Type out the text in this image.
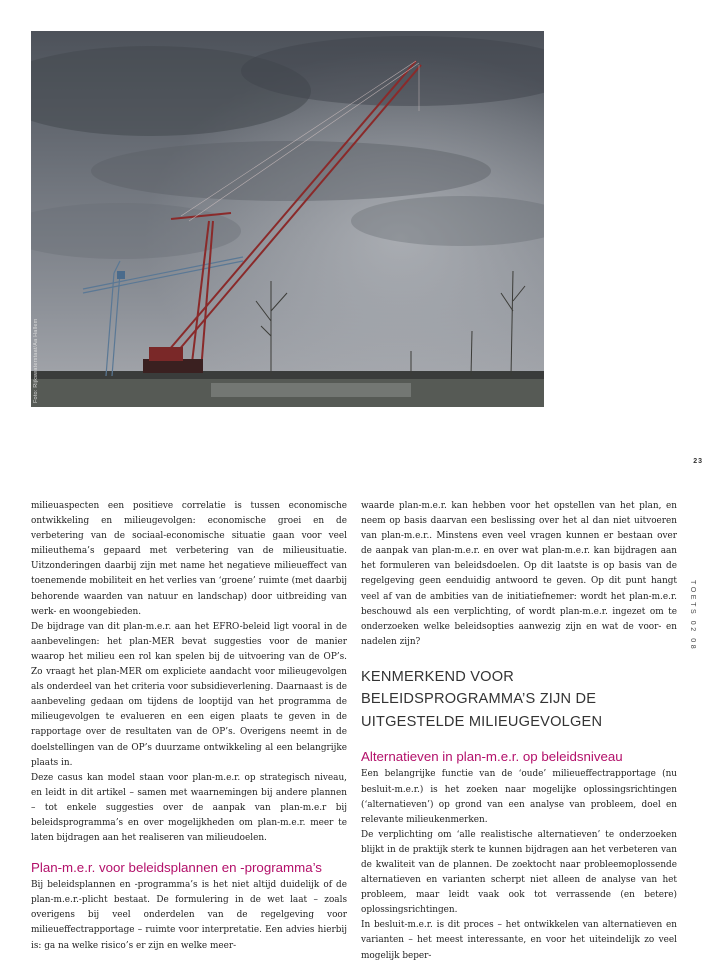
Foto: Rijkswaterstaat/Aa Hallem
23
TOETS 02 08

milieuaspecten een positieve correlatie is tussen economische ontwikkeling en milieugevolgen: economische groei en de verbetering van de sociaal-economische situatie gaan voor veel milieuthema’s gepaard met verbetering van de milieusituatie. Uitzonderingen daarbij zijn met name het negatieve milieueffect van toenemende mobiliteit en het verlies van ‘groene’ ruimte (met daarbij behorende waarden van natuur en landschap) door uitbreiding van werk- en woongebieden.

De bijdrage van dit plan-m.e.r. aan het EFRO-beleid ligt vooral in de aanbevelingen: het plan-MER bevat suggesties voor de manier waarop het milieu een rol kan spelen bij de uitvoering van de OP’s. Zo vraagt het plan-MER om expliciete aandacht voor milieugevolgen als onderdeel van het criteria voor subsidieverlening. Daarnaast is de aanbeveling gedaan om tijdens de looptijd van het programma de milieugevolgen te evalueren en een eigen plaats te geven in de rapportage over de resultaten van de OP’s. Overigens neemt in de doelstellingen van de OP’s duurzame ontwikkeling al een belangrijke plaats in.

Deze casus kan model staan voor plan-m.e.r. op strategisch niveau, en leidt in dit artikel – samen met waarnemingen bij andere plannen – tot enkele suggesties over de aanpak van plan-m.e.r bij beleidsprogramma’s en over mogelijkheden om plan-m.e.r. meer te laten bijdragen aan het realiseren van milieudoelen.

Plan-m.e.r. voor beleidsplannen en -programma’s

Bij beleidsplannen en -programma’s is het niet altijd duidelijk of de plan-m.e.r.-plicht bestaat. De formulering in de wet laat – zoals overigens bij veel onderdelen van de regelgeving voor milieueffectrapportage – ruimte voor interpretatie. Een advies hierbij is: ga na welke risico’s er zijn en welke meer-

waarde plan-m.e.r. kan hebben voor het opstellen van het plan, en neem op basis daarvan een beslissing over het al dan niet uitvoeren van plan-m.e.r.. Minstens even veel vragen kunnen er bestaan over de aanpak van plan-m.e.r. en over wat plan-m.e.r. kan bijdragen aan het formuleren van beleidsdoelen. Op dit laatste is op basis van de regelgeving geen eenduidig antwoord te geven. Op dit punt hangt veel af van de ambities van de initiatiefnemer: wordt het plan-m.e.r. beschouwd als een verplichting, of wordt plan-m.e.r. ingezet om te onderzoeken welke beleidsopties aanwezig zijn en wat de voor- en nadelen zijn?

KENMERKEND VOOR
BELEIDSPROGRAMMA’S ZIJN DE
UITGESTELDE MILIEUGEVOLGEN
Alternatieven in plan-m.e.r. op beleidsniveau

Een belangrijke functie van de ‘oude’ milieueffectrapportage (nu besluit-m.e.r.) is het zoeken naar mogelijke oplossingsrichtingen (‘alternatieven’) op grond van een analyse van probleem, doel en relevante milieukenmerken.

De verplichting om ‘alle realistische alternatieven’ te onderzoeken blijkt in de praktijk sterk te kunnen bijdragen aan het verbeteren van de kwaliteit van de plannen. De zoektocht naar probleemoplossende alternatieven en varianten scherpt niet alleen de analyse van het probleem, maar leidt vaak ook tot verrassende (en betere) oplossingsrichtingen.

In besluit-m.e.r. is dit proces – het ontwikkelen van alternatieven en varianten – het meest interessante, en voor het uiteindelijk zo veel mogelijk beper-
